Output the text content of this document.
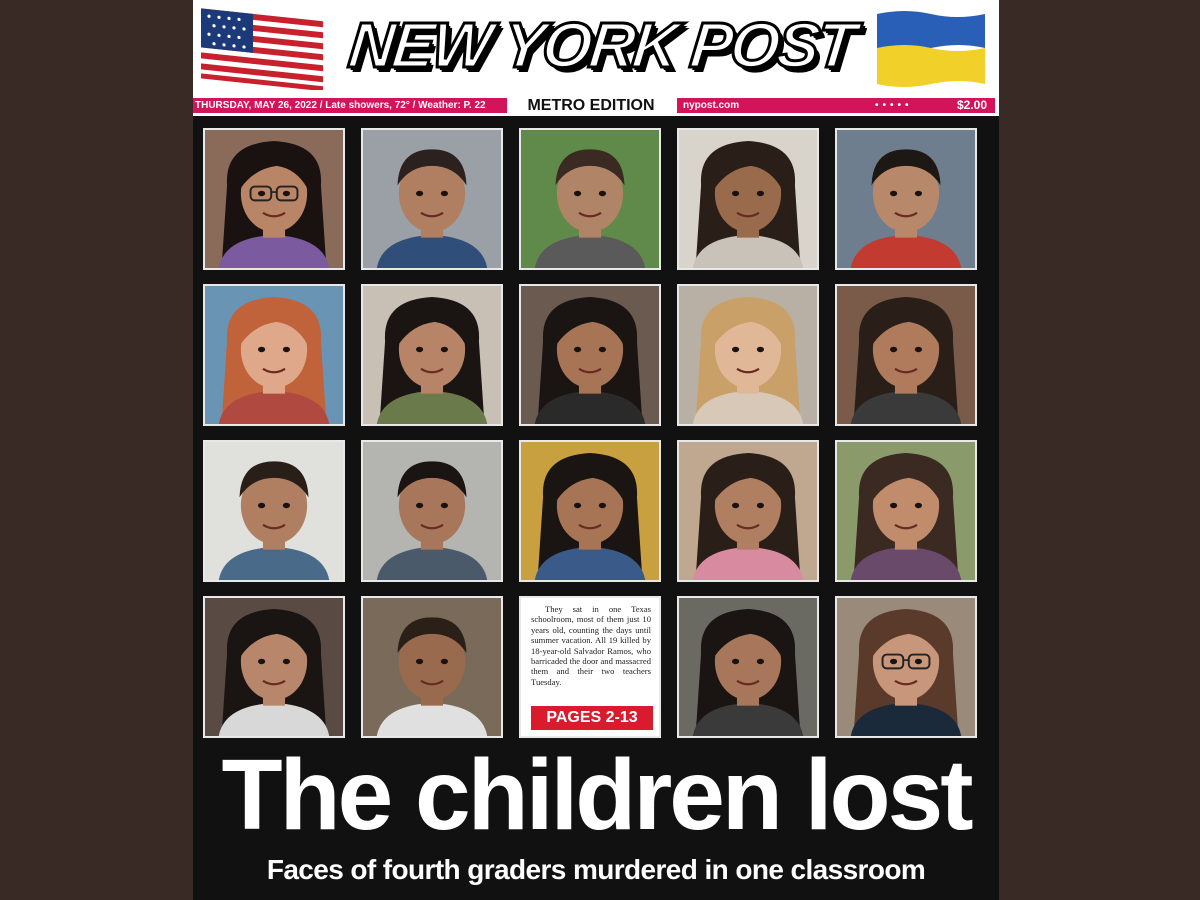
NEW YORK POST
THURSDAY, MAY 26, 2022 / Late showers, 72° / Weather: P. 22	METRO EDITION	nypost.com	•••••	$2.00
They sat in one Texas schoolroom, most of them just 10 years old, counting the days until summer vacation. All 19 killed by 18-year-old Salvador Ramos, who barricaded the door and massacred them and their two teachers Tuesday.
PAGES 2-13
The children lost
Faces of fourth graders murdered in one classroom
